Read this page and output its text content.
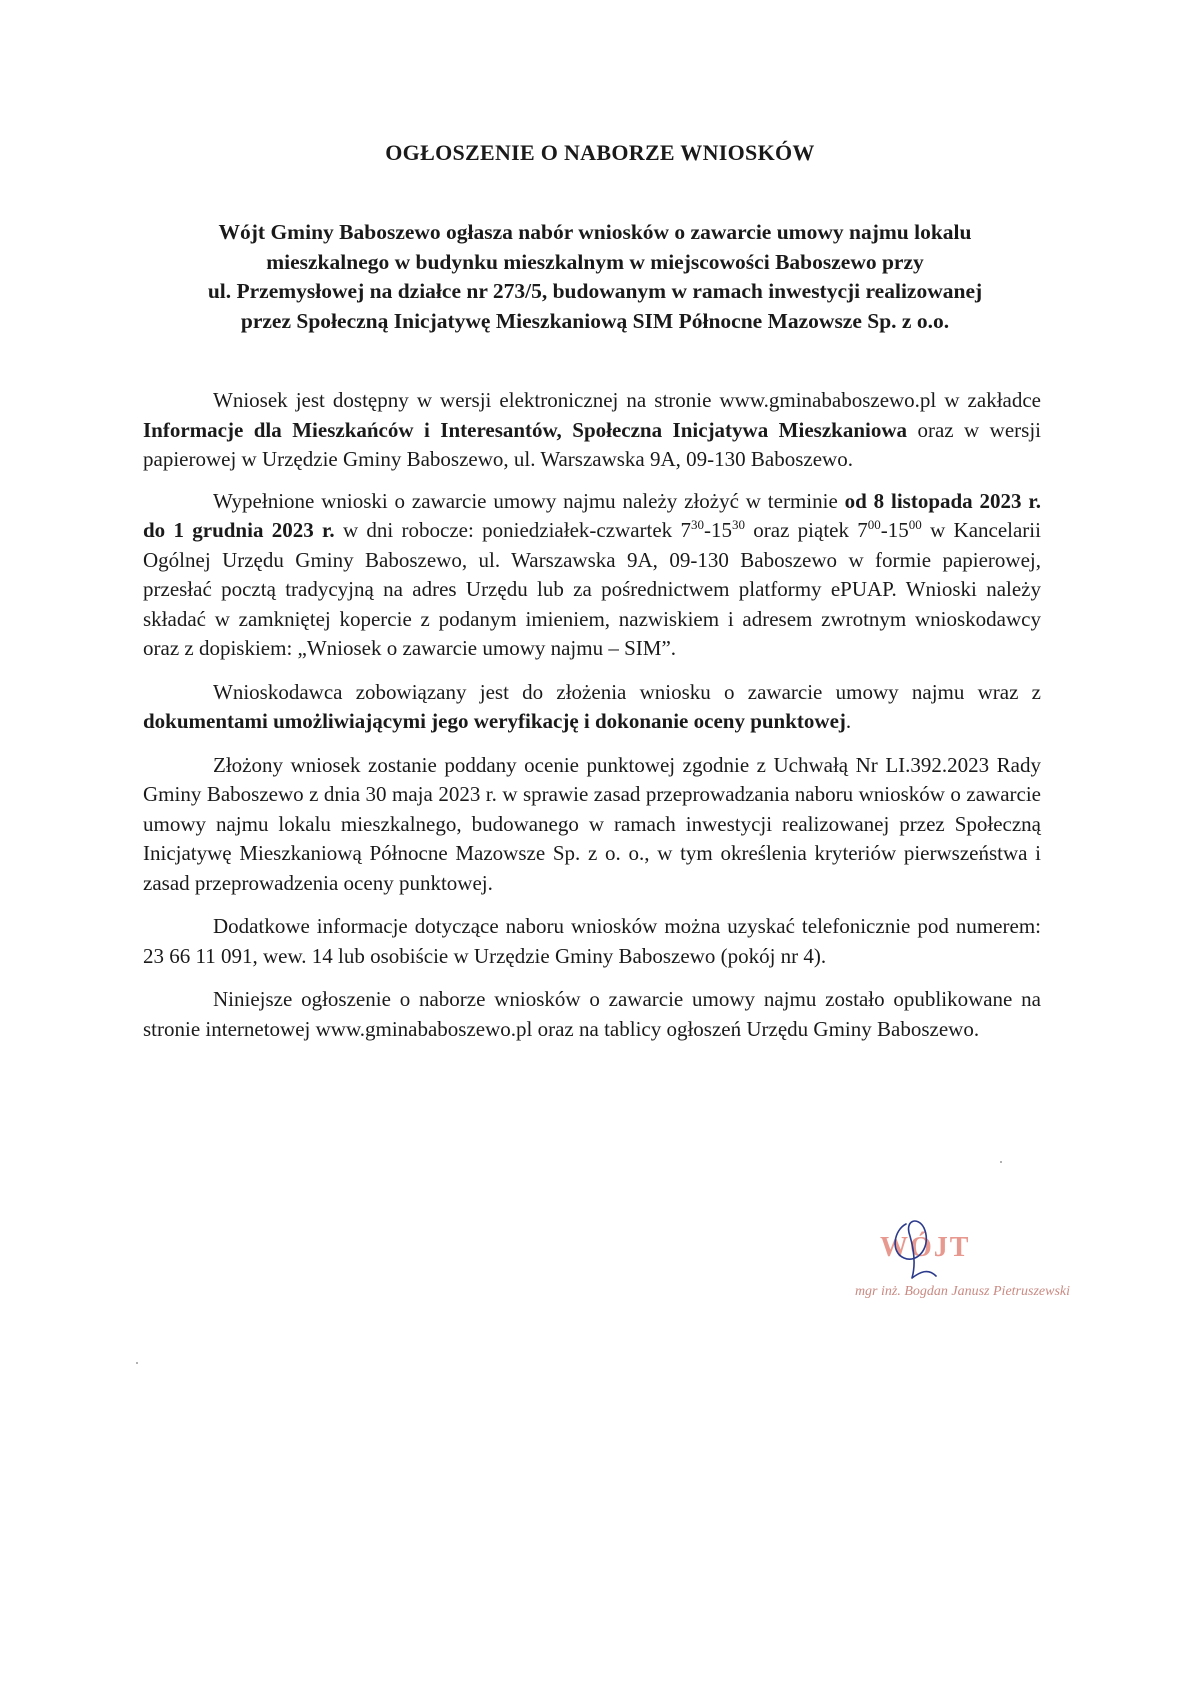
OGŁOSZENIE O NABORZE WNIOSKÓW
Wójt Gminy Baboszewo ogłasza nabór wniosków o zawarcie umowy najmu lokalu
mieszkalnego w budynku mieszkalnym w miejscowości Baboszewo przy
ul. Przemysłowej na działce nr 273/5, budowanym w ramach inwestycji realizowanej
przez Społeczną Inicjatywę Mieszkaniową SIM Północne Mazowsze Sp. z o.o.

Wniosek jest dostępny w wersji elektronicznej na stronie www.gminababoszewo.pl w zakładce Informacje dla Mieszkańców i Interesantów, Społeczna Inicjatywa Mieszkaniowa oraz w wersji papierowej w Urzędzie Gminy Baboszewo, ul. Warszawska 9A, 09-130 Baboszewo.

Wypełnione wnioski o zawarcie umowy najmu należy złożyć w terminie od 8 listopada 2023 r. do 1 grudnia 2023 r. w dni robocze: poniedziałek-czwartek $7^{30}-15^{30}$ oraz piątek $7^{00}-15^{00}$ w Kancelarii Ogólnej Urzędu Gminy Baboszewo, ul. Warszawska 9A, 09-130 Baboszewo w formie papierowej, przesłać pocztą tradycyjną na adres Urzędu lub za pośrednictwem platformy ePUAP. Wnioski należy składać w zamkniętej kopercie z podanym imieniem, nazwiskiem i adresem zwrotnym wnioskodawcy oraz z dopiskiem: „Wniosek o zawarcie umowy najmu – SIM”.

Wnioskodawca zobowiązany jest do złożenia wniosku o zawarcie umowy najmu wraz z dokumentami umożliwiającymi jego weryfikację i dokonanie oceny punktowej.

Złożony wniosek zostanie poddany ocenie punktowej zgodnie z Uchwałą Nr LI.392.2023 Rady Gminy Baboszewo z dnia 30 maja 2023 r. w sprawie zasad przeprowadzania naboru wniosków o zawarcie umowy najmu lokalu mieszkalnego, budowanego w ramach inwestycji realizowanej przez Społeczną Inicjatywę Mieszkaniową Północne Mazowsze Sp. z o. o., w tym określenia kryteriów pierwszeństwa i zasad przeprowadzenia oceny punktowej.

Dodatkowe informacje dotyczące naboru wniosków można uzyskać telefonicznie pod numerem: 23 66 11 091, wew. 14 lub osobiście w Urzędzie Gminy Baboszewo (pokój nr 4).

Niniejsze ogłoszenie o naborze wniosków o zawarcie umowy najmu zostało opublikowane na stronie internetowej www.gminababoszewo.pl oraz na tablicy ogłoszeń Urzędu Gminy Baboszewo.

WÓJT
mgr inż. Bogdan Janusz Pietruszewski
